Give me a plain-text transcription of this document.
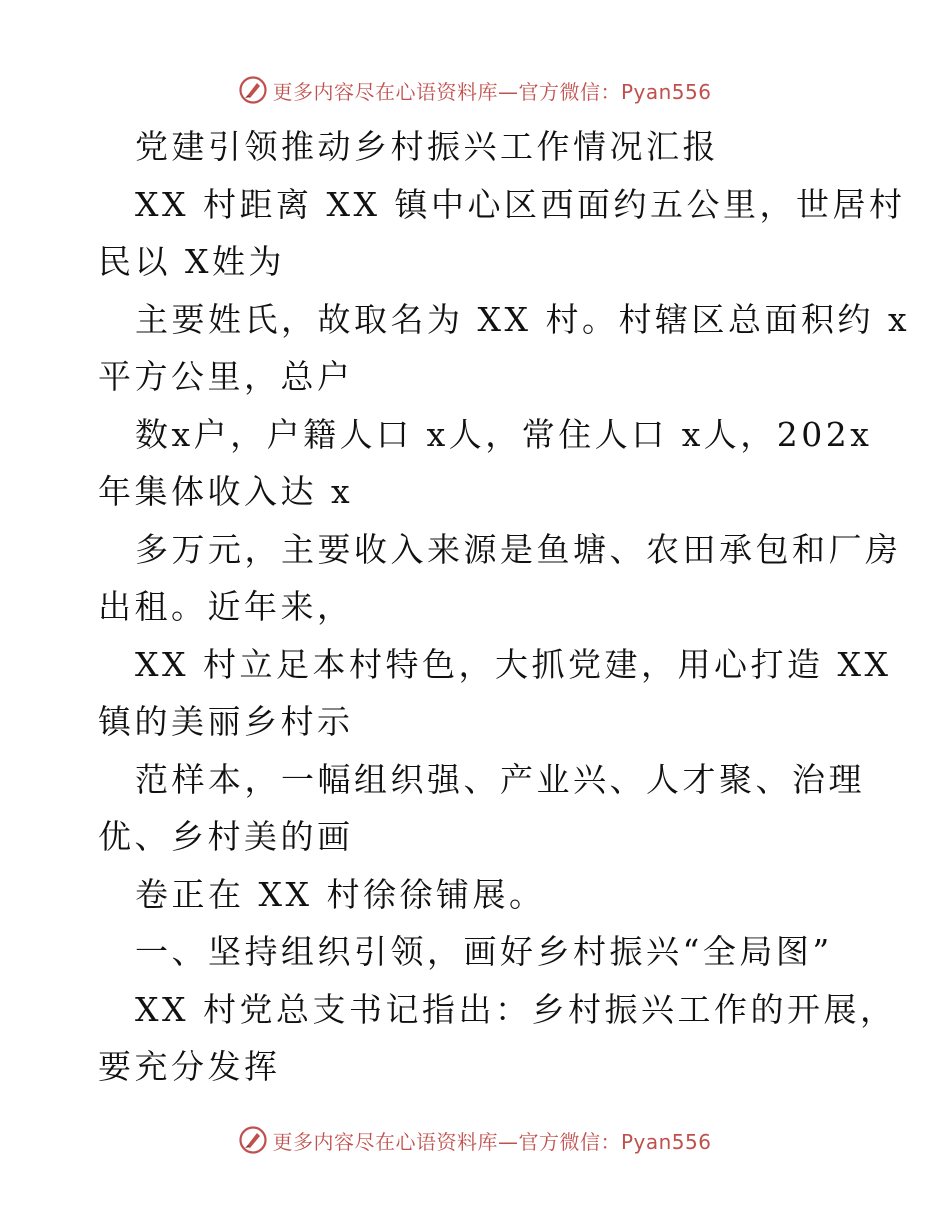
更多内容尽在心语资料库—官方微信：Pyan556
党建引领推动乡村振兴工作情况汇报
XX 村距离 XX 镇中心区西面约五公里，世居村
民以 X姓为
主要姓氏，故取名为 XX 村。村辖区总面积约 x
平方公里，总户
数x户，户籍人口 x人，常住人口 x人，202x
年集体收入达 x
多万元，主要收入来源是鱼塘、农田承包和厂房
出租。近年来，
XX 村立足本村特色，大抓党建，用心打造 XX
镇的美丽乡村示
范样本，一幅组织强、产业兴、人才聚、治理
优、乡村美的画
卷正在 XX 村徐徐铺展。
一、坚持组织引领，画好乡村振兴“全局图”
XX 村党总支书记指出：乡村振兴工作的开展，
要充分发挥
更多内容尽在心语资料库—官方微信：Pyan556
